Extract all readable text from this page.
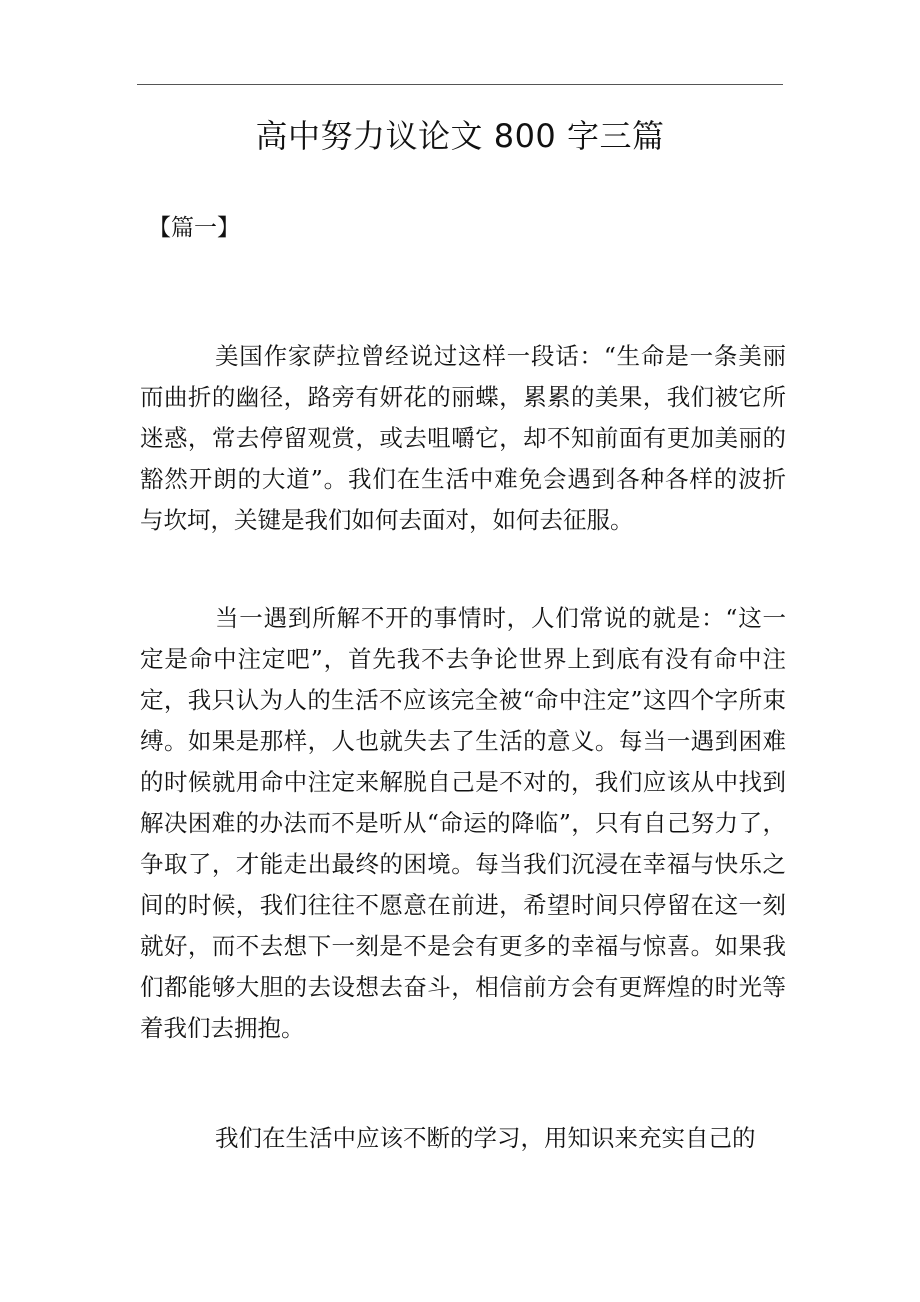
高中努力议论文 800 字三篇
【篇一】

美国作家萨拉曾经说过这样一段话：“生命是一条美丽而曲折的幽径，路旁有妍花的丽蝶，累累的美果，我们被它所迷惑，常去停留观赏，或去咀嚼它，却不知前面有更加美丽的豁然开朗的大道”。我们在生活中难免会遇到各种各样的波折与坎坷，关键是我们如何去面对，如何去征服。

当一遇到所解不开的事情时，人们常说的就是：“这一定是命中注定吧”，首先我不去争论世界上到底有没有命中注定，我只认为人的生活不应该完全被“命中注定”这四个字所束缚。如果是那样，人也就失去了生活的意义。每当一遇到困难的时候就用命中注定来解脱自己是不对的，我们应该从中找到解决困难的办法而不是听从“命运的降临”，只有自己努力了，争取了，才能走出最终的困境。每当我们沉浸在幸福与快乐之间的时候，我们往往不愿意在前进，希望时间只停留在这一刻就好，而不去想下一刻是不是会有更多的幸福与惊喜。如果我们都能够大胆的去设想去奋斗，相信前方会有更辉煌的时光等着我们去拥抱。

我们在生活中应该不断的学习，用知识来充实自己的
